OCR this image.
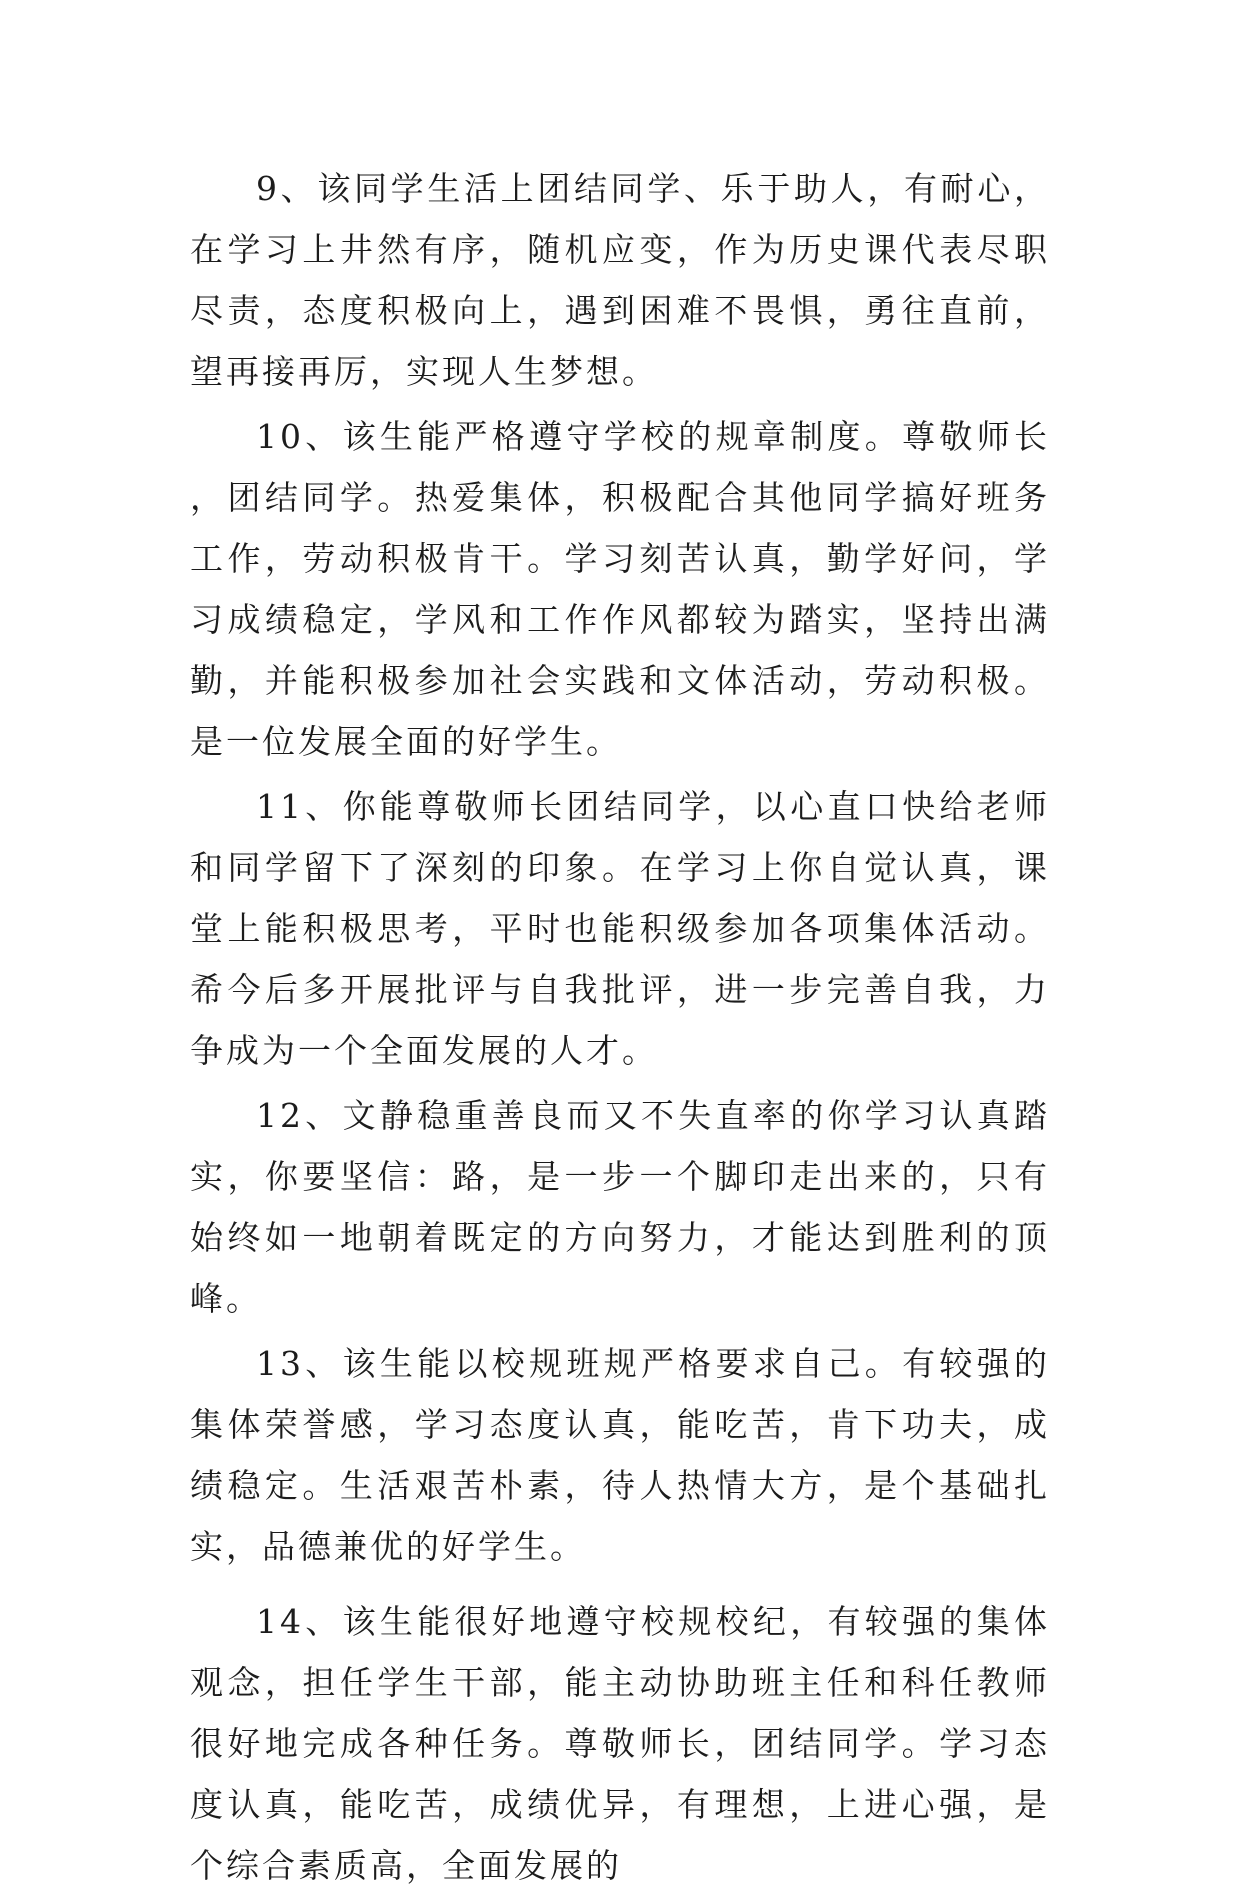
9、该同学生活上团结同学、乐于助人，有耐心，在学习上井然有序，随机应变，作为历史课代表尽职尽责，态度积极向上，遇到困难不畏惧，勇往直前，望再接再厉，实现人生梦想。

10、该生能严格遵守学校的规章制度。尊敬师长，团结同学。热爱集体，积极配合其他同学搞好班务工作，劳动积极肯干。学习刻苦认真，勤学好问，学习成绩稳定，学风和工作作风都较为踏实，坚持出满勤，并能积极参加社会实践和文体活动，劳动积极。是一位发展全面的好学生。

11、你能尊敬师长团结同学，以心直口快给老师和同学留下了深刻的印象。在学习上你自觉认真，课堂上能积极思考，平时也能积级参加各项集体活动。希今后多开展批评与自我批评，进一步完善自我，力争成为一个全面发展的人才。

12、文静稳重善良而又不失直率的你学习认真踏实，你要坚信：路，是一步一个脚印走出来的，只有始终如一地朝着既定的方向努力，才能达到胜利的顶峰。

13、该生能以校规班规严格要求自己。有较强的集体荣誉感，学习态度认真，能吃苦，肯下功夫，成绩稳定。生活艰苦朴素，待人热情大方，是个基础扎实，品德兼优的好学生。

14、该生能很好地遵守校规校纪，有较强的集体观念，担任学生干部，能主动协助班主任和科任教师很好地完成各种任务。尊敬师长，团结同学。学习态度认真，能吃苦，成绩优异，有理想，上进心强，是个综合素质高，全面发展的
